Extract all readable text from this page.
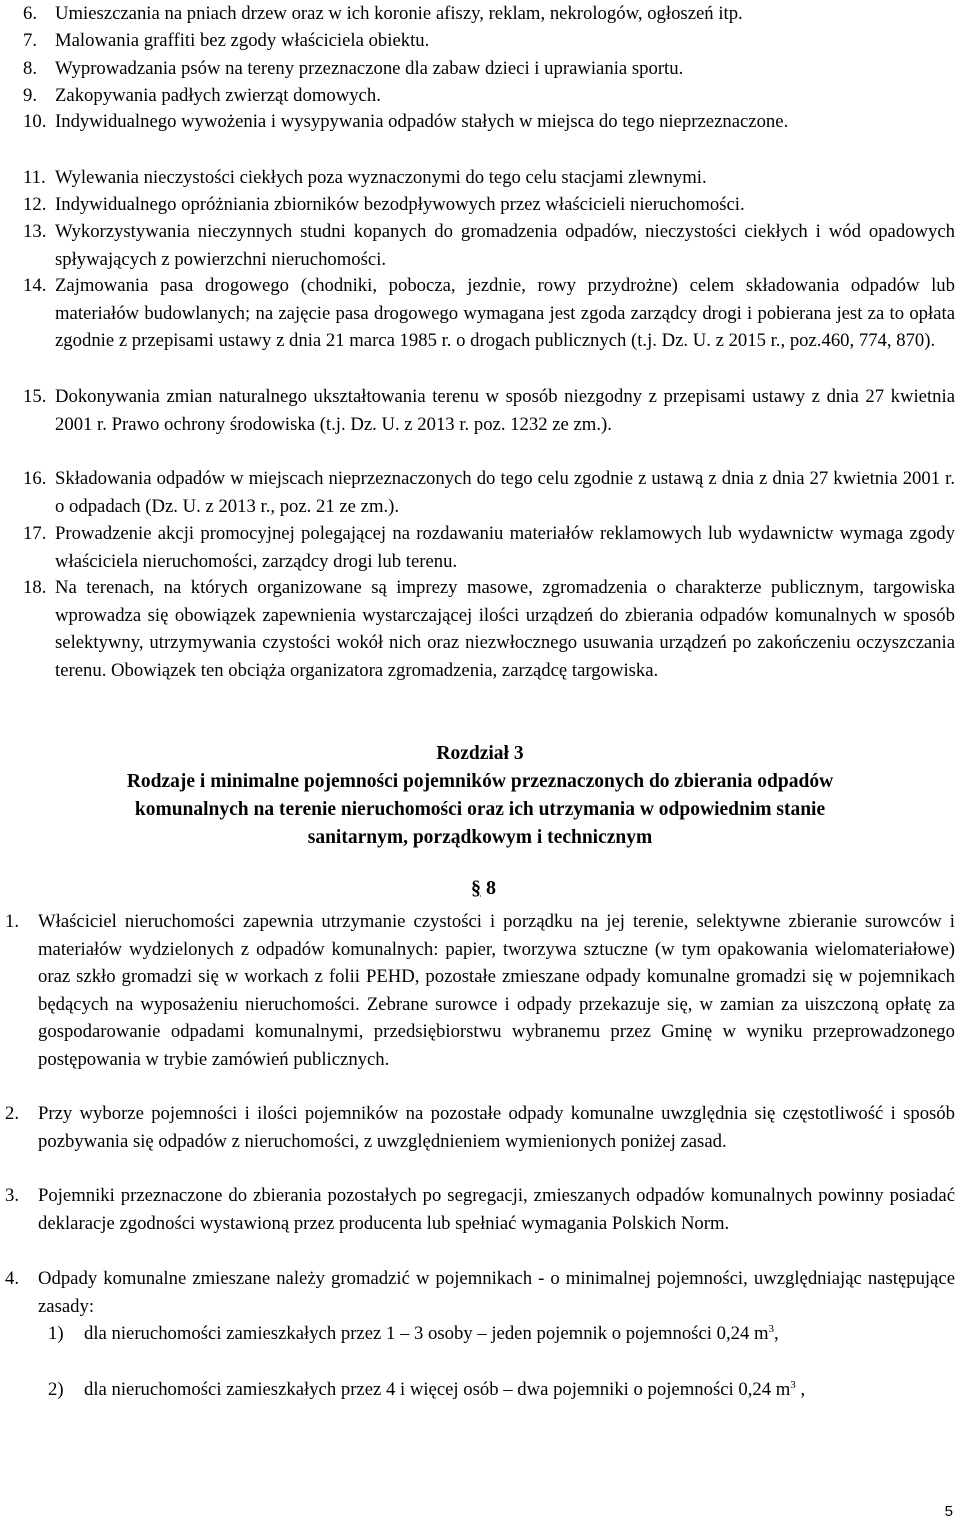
6. Umieszczania na pniach drzew oraz w ich koronie afiszy, reklam, nekrologów, ogłoszeń itp.
7. Malowania graffiti bez zgody właściciela obiektu.
8. Wyprowadzania psów na tereny przeznaczone dla zabaw dzieci i uprawiania sportu.
9. Zakopywania padłych zwierząt domowych.
10. Indywidualnego wywożenia i wysypywania odpadów stałych w miejsca do tego nieprzeznaczone.
11. Wylewania nieczystości ciekłych poza wyznaczonymi do tego celu stacjami zlewnymi.
12. Indywidualnego opróżniania zbiorników bezodpływowych przez właścicieli nieruchomości.
13. Wykorzystywania nieczynnych studni kopanych do gromadzenia odpadów, nieczystości ciekłych i wód opadowych spływających z powierzchni nieruchomości.
14. Zajmowania pasa drogowego (chodniki, pobocza, jezdnie, rowy przydrożne) celem składowania odpadów lub materiałów budowlanych; na zajęcie pasa drogowego wymagana jest zgoda zarządcy drogi i pobierana jest za to opłata zgodnie z przepisami ustawy z dnia 21 marca 1985 r. o drogach publicznych (t.j. Dz. U. z 2015 r., poz.460, 774, 870).
15. Dokonywania zmian naturalnego ukształtowania terenu w sposób niezgodny z przepisami ustawy z dnia 27 kwietnia 2001 r. Prawo ochrony środowiska (t.j. Dz. U. z 2013 r. poz. 1232 ze zm.).
16. Składowania odpadów w miejscach nieprzeznaczonych do tego celu zgodnie z ustawą z dnia z dnia 27 kwietnia 2001 r. o odpadach (Dz. U. z 2013 r., poz. 21 ze zm.).
17. Prowadzenie akcji promocyjnej polegającej na rozdawaniu materiałów reklamowych lub wydawnictw wymaga zgody właściciela nieruchomości, zarządcy drogi lub terenu.
18. Na terenach, na których organizowane są imprezy masowe, zgromadzenia o charakterze publicznym, targowiska wprowadza się obowiązek zapewnienia wystarczającej ilości urządzeń do zbierania odpadów komunalnych w sposób selektywny, utrzymywania czystości wokół nich oraz niezwłocznego usuwania urządzeń po zakończeniu oczyszczania terenu. Obowiązek ten obciąża organizatora zgromadzenia, zarządcę targowiska.
Rozdział 3
Rodzaje i minimalne pojemności pojemników przeznaczonych do zbierania odpadów
komunalnych na terenie nieruchomości oraz ich utrzymania w odpowiednim stanie
sanitarnym, porządkowym i technicznym
§ 8
1. Właściciel nieruchomości zapewnia utrzymanie czystości i porządku na jej terenie, selektywne zbieranie surowców i materiałów wydzielonych z odpadów komunalnych: papier, tworzywa sztuczne (w tym opakowania wielomateriałowe) oraz szkło gromadzi się w workach z folii PEHD, pozostałe zmieszane odpady komunalne gromadzi się w pojemnikach będących na wyposażeniu nieruchomości. Zebrane surowce i odpady przekazuje się, w zamian za uiszczoną opłatę za gospodarowanie odpadami komunalnymi, przedsiębiorstwu wybranemu przez Gminę w wyniku przeprowadzonego postępowania w trybie zamówień publicznych.
2. Przy wyborze pojemności i ilości pojemników na pozostałe odpady komunalne uwzględnia się częstotliwość i sposób pozbywania się odpadów z nieruchomości, z uwzględnieniem wymienionych poniżej zasad.
3. Pojemniki przeznaczone do zbierania pozostałych po segregacji, zmieszanych odpadów komunalnych powinny posiadać deklaracje zgodności wystawioną przez producenta lub spełniać wymagania Polskich Norm.
4. Odpady komunalne zmieszane należy gromadzić w pojemnikach - o minimalnej pojemności, uwzględniając następujące zasady:
1) dla nieruchomości zamieszkałych przez 1 – 3 osoby – jeden pojemnik o pojemności 0,24 $m^3$,
2) dla nieruchomości zamieszkałych przez 4 i więcej osób – dwa pojemniki o pojemności 0,24 $m^3$ ,
5
